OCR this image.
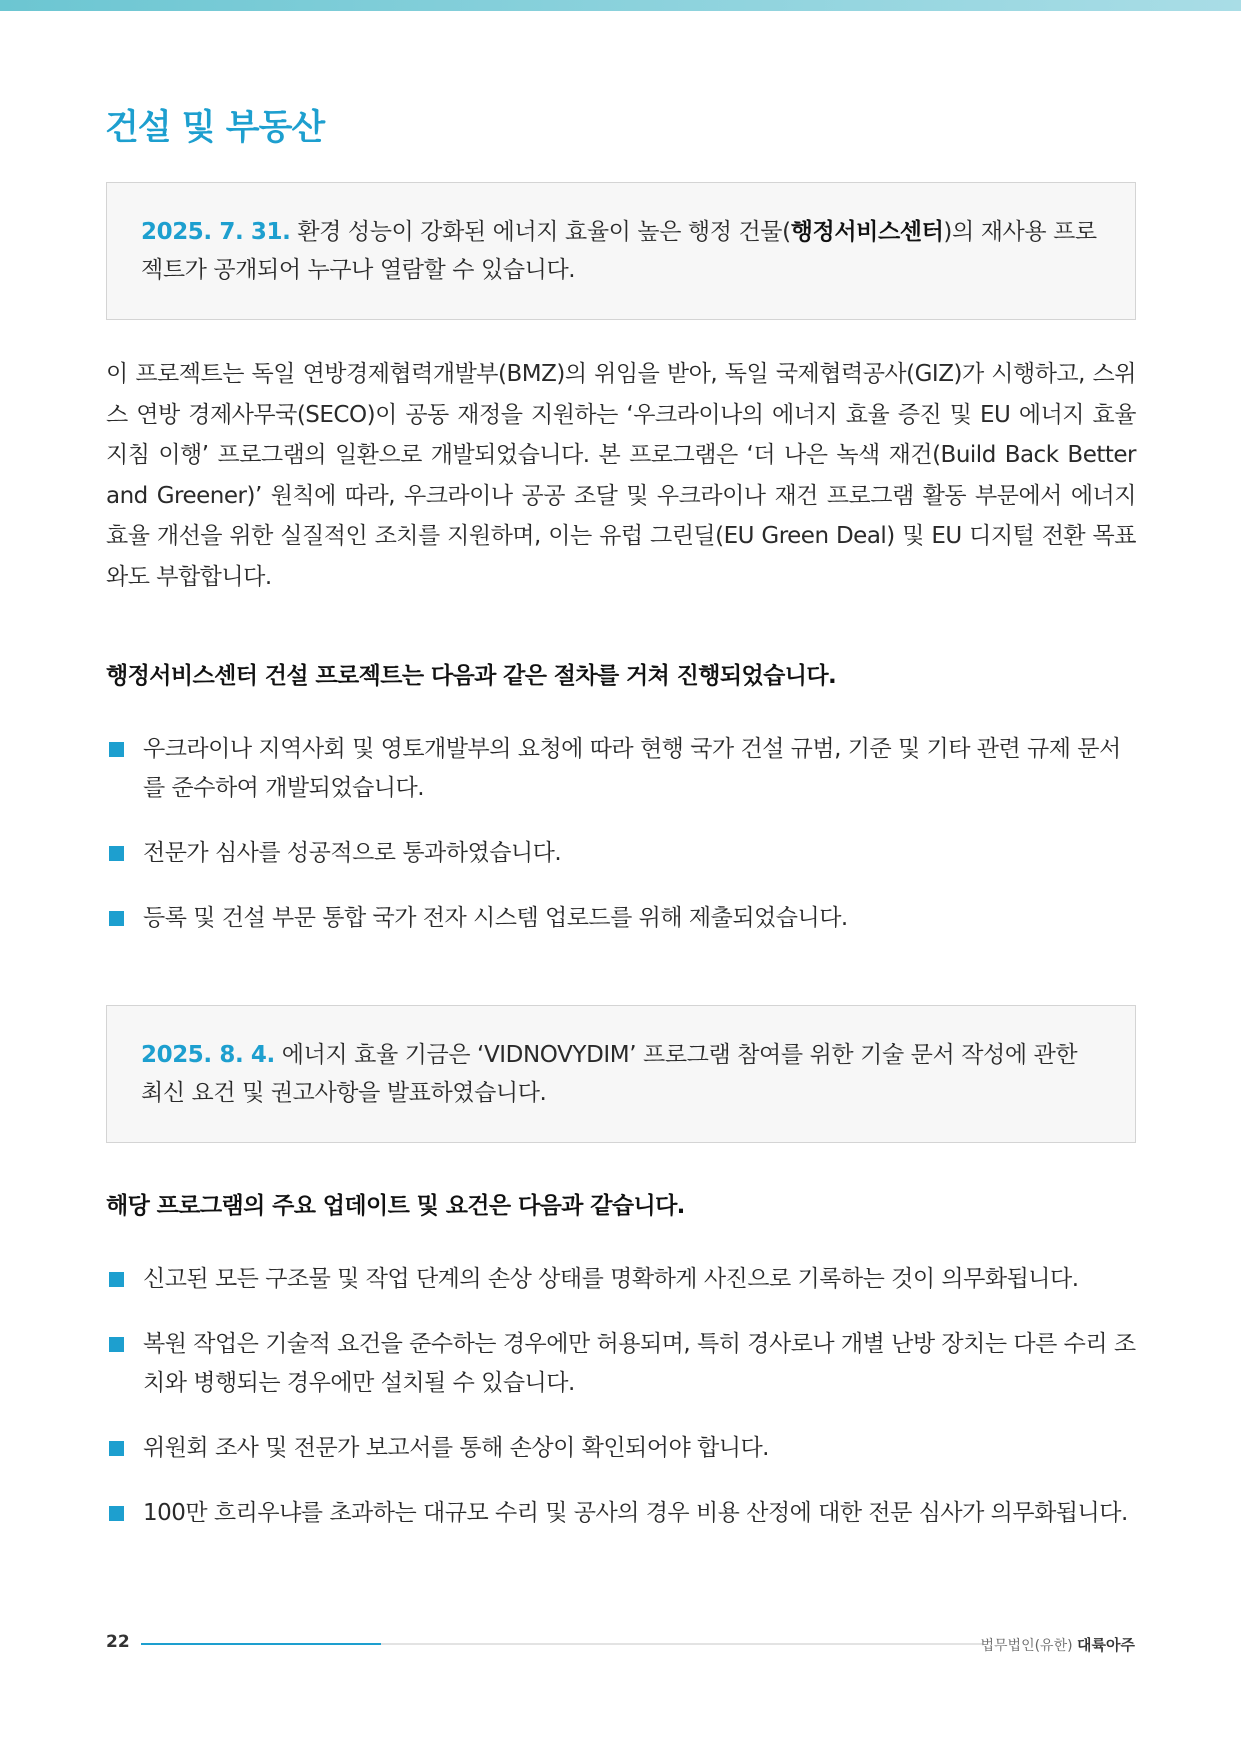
건설 및 부동산
2025. 7. 31. 환경 성능이 강화된 에너지 효율이 높은 행정 건물(행정서비스센터)의 재사용 프로젝트가 공개되어 누구나 열람할 수 있습니다.

이 프로젝트는 독일 연방경제협력개발부(BMZ)의 위임을 받아, 독일 국제협력공사(GIZ)가 시행하고, 스위스 연방 경제사무국(SECO)이 공동 재정을 지원하는 ‘우크라이나의 에너지 효율 증진 및 EU 에너지 효율 지침 이행’ 프로그램의 일환으로 개발되었습니다. 본 프로그램은 ‘더 나은 녹색 재건(Build Back Better and Greener)’ 원칙에 따라, 우크라이나 공공 조달 및 우크라이나 재건 프로그램 활동 부문에서 에너지 효율 개선을 위한 실질적인 조치를 지원하며, 이는 유럽 그린딜(EU Green Deal) 및 EU 디지털 전환 목표와도 부합합니다.

행정서비스센터 건설 프로젝트는 다음과 같은 절차를 거쳐 진행되었습니다.
우크라이나 지역사회 및 영토개발부의 요청에 따라 현행 국가 건설 규범, 기준 및 기타 관련 규제 문서를 준수하여 개발되었습니다.
전문가 심사를 성공적으로 통과하였습니다.
등록 및 건설 부문 통합 국가 전자 시스템 업로드를 위해 제출되었습니다.
2025. 8. 4. 에너지 효율 기금은 ‘VIDNOVYDIM’ 프로그램 참여를 위한 기술 문서 작성에 관한 최신 요건 및 권고사항을 발표하였습니다.
해당 프로그램의 주요 업데이트 및 요건은 다음과 같습니다.
신고된 모든 구조물 및 작업 단계의 손상 상태를 명확하게 사진으로 기록하는 것이 의무화됩니다.
복원 작업은 기술적 요건을 준수하는 경우에만 허용되며, 특히 경사로나 개별 난방 장치는 다른 수리 조치와 병행되는 경우에만 설치될 수 있습니다.
위원회 조사 및 전문가 보고서를 통해 손상이 확인되어야 합니다.
100만 흐리우냐를 초과하는 대규모 수리 및 공사의 경우 비용 산정에 대한 전문 심사가 의무화됩니다.
22	법무법인(유한) 대륙아주
